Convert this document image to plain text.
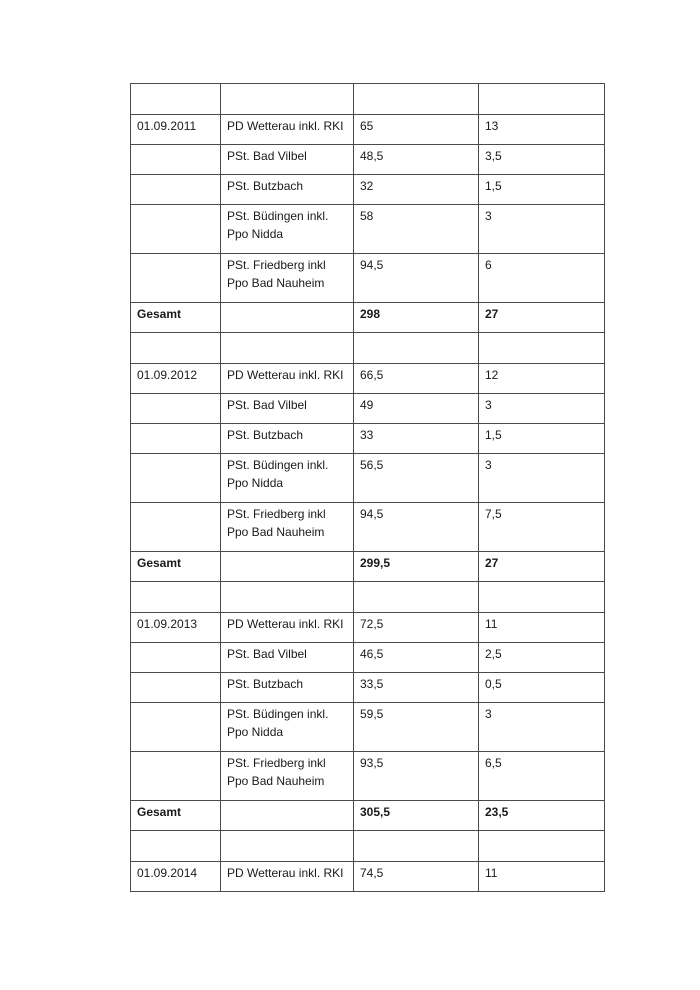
01.09.2011	PD Wetterau inkl. RKI	65	13

	PSt. Bad Vilbel	48,5	3,5

	PSt. Butzbach	32	1,5

	PSt. Büdingen inkl. Ppo Nidda	58	3

	PSt. Friedberg inkl Ppo Bad Nauheim	94,5	6

Gesamt		298	27

01.09.2012	PD Wetterau inkl. RKI	66,5	12

	PSt. Bad Vilbel	49	3

	PSt. Butzbach	33	1,5

	PSt. Büdingen inkl. Ppo Nidda	56,5	3

	PSt. Friedberg inkl Ppo Bad Nauheim	94,5	7,5

Gesamt		299,5	27

01.09.2013	PD Wetterau inkl. RKI	72,5	11

	PSt. Bad Vilbel	46,5	2,5

	PSt. Butzbach	33,5	0,5

	PSt. Büdingen inkl. Ppo Nidda	59,5	3

	PSt. Friedberg inkl Ppo Bad Nauheim	93,5	6,5

Gesamt		305,5	23,5

01.09.2014	PD Wetterau inkl. RKI	74,5	11
